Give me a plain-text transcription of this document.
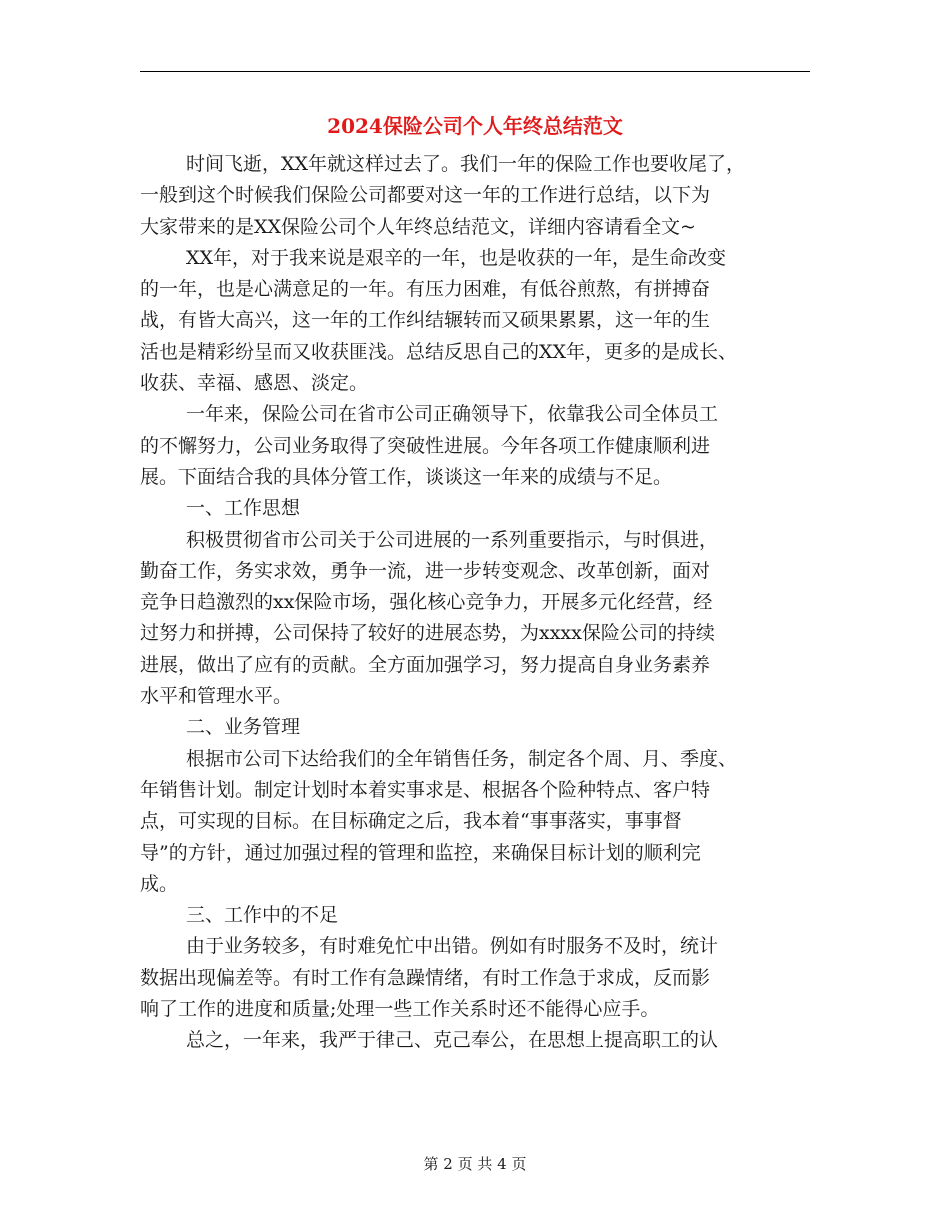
2024保险公司个人年终总结范文
时间飞逝，XX年就这样过去了。我们一年的保险工作也要收尾了，
一般到这个时候我们保险公司都要对这一年的工作进行总结，以下为
大家带来的是XX保险公司个人年终总结范文，详细内容请看全文~
XX年，对于我来说是艰辛的一年，也是收获的一年，是生命改变
的一年，也是心满意足的一年。有压力困难，有低谷煎熬，有拼搏奋
战，有皆大高兴，这一年的工作纠结辗转而又硕果累累，这一年的生
活也是精彩纷呈而又收获匪浅。总结反思自己的XX年，更多的是成长、
收获、幸福、感恩、淡定。
一年来，保险公司在省市公司正确领导下，依靠我公司全体员工
的不懈努力，公司业务取得了突破性进展。今年各项工作健康顺利进
展。下面结合我的具体分管工作，谈谈这一年来的成绩与不足。
一、工作思想
积极贯彻省市公司关于公司进展的一系列重要指示，与时俱进，
勤奋工作，务实求效，勇争一流，进一步转变观念、改革创新，面对
竞争日趋激烈的xx保险市场，强化核心竞争力，开展多元化经营，经
过努力和拼搏，公司保持了较好的进展态势，为xxxx保险公司的持续
进展，做出了应有的贡献。全方面加强学习，努力提高自身业务素养
水平和管理水平。
二、业务管理
根据市公司下达给我们的全年销售任务，制定各个周、月、季度、
年销售计划。制定计划时本着实事求是、根据各个险种特点、客户特
点，可实现的目标。在目标确定之后，我本着“事事落实，事事督
导”的方针，通过加强过程的管理和监控，来确保目标计划的顺利完
成。
三、工作中的不足
由于业务较多，有时难免忙中出错。例如有时服务不及时，统计
数据出现偏差等。有时工作有急躁情绪，有时工作急于求成，反而影
响了工作的进度和质量;处理一些工作关系时还不能得心应手。
总之，一年来，我严于律己、克己奉公，在思想上提高职工的认
第 2 页 共 4 页
